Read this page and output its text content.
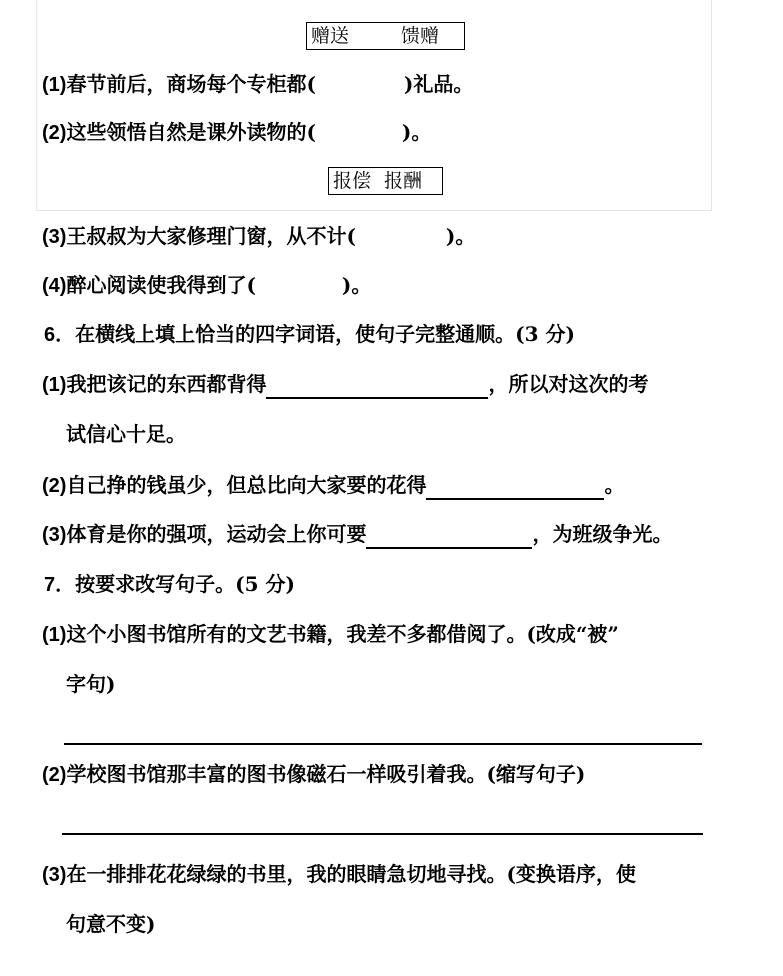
赠送	馈赠
(1)春节前后，商场每个专柜都(	)礼品。
(2)这些领悟自然是课外读物的(	)。
报偿 报酬
(3)王叔叔为大家修理门窗，从不计(	)。
(4)醉心阅读使我得到了(	)。
6．在横线上填上恰当的四字词语，使句子完整通顺。(3 分)
(1)我把该记的东西都背得	，所以对这次的考
试信心十足。
(2)自己挣的钱虽少，但总比向大家要的花得	。
(3)体育是你的强项，运动会上你可要	，为班级争光。
7．按要求改写句子。(5 分)
(1)这个小图书馆所有的文艺书籍，我差不多都借阅了。(改成“被”
字句)
(2)学校图书馆那丰富的图书像磁石一样吸引着我。(缩写句子)
(3)在一排排花花绿绿的书里，我的眼睛急切地寻找。(变换语序，使
句意不变)
